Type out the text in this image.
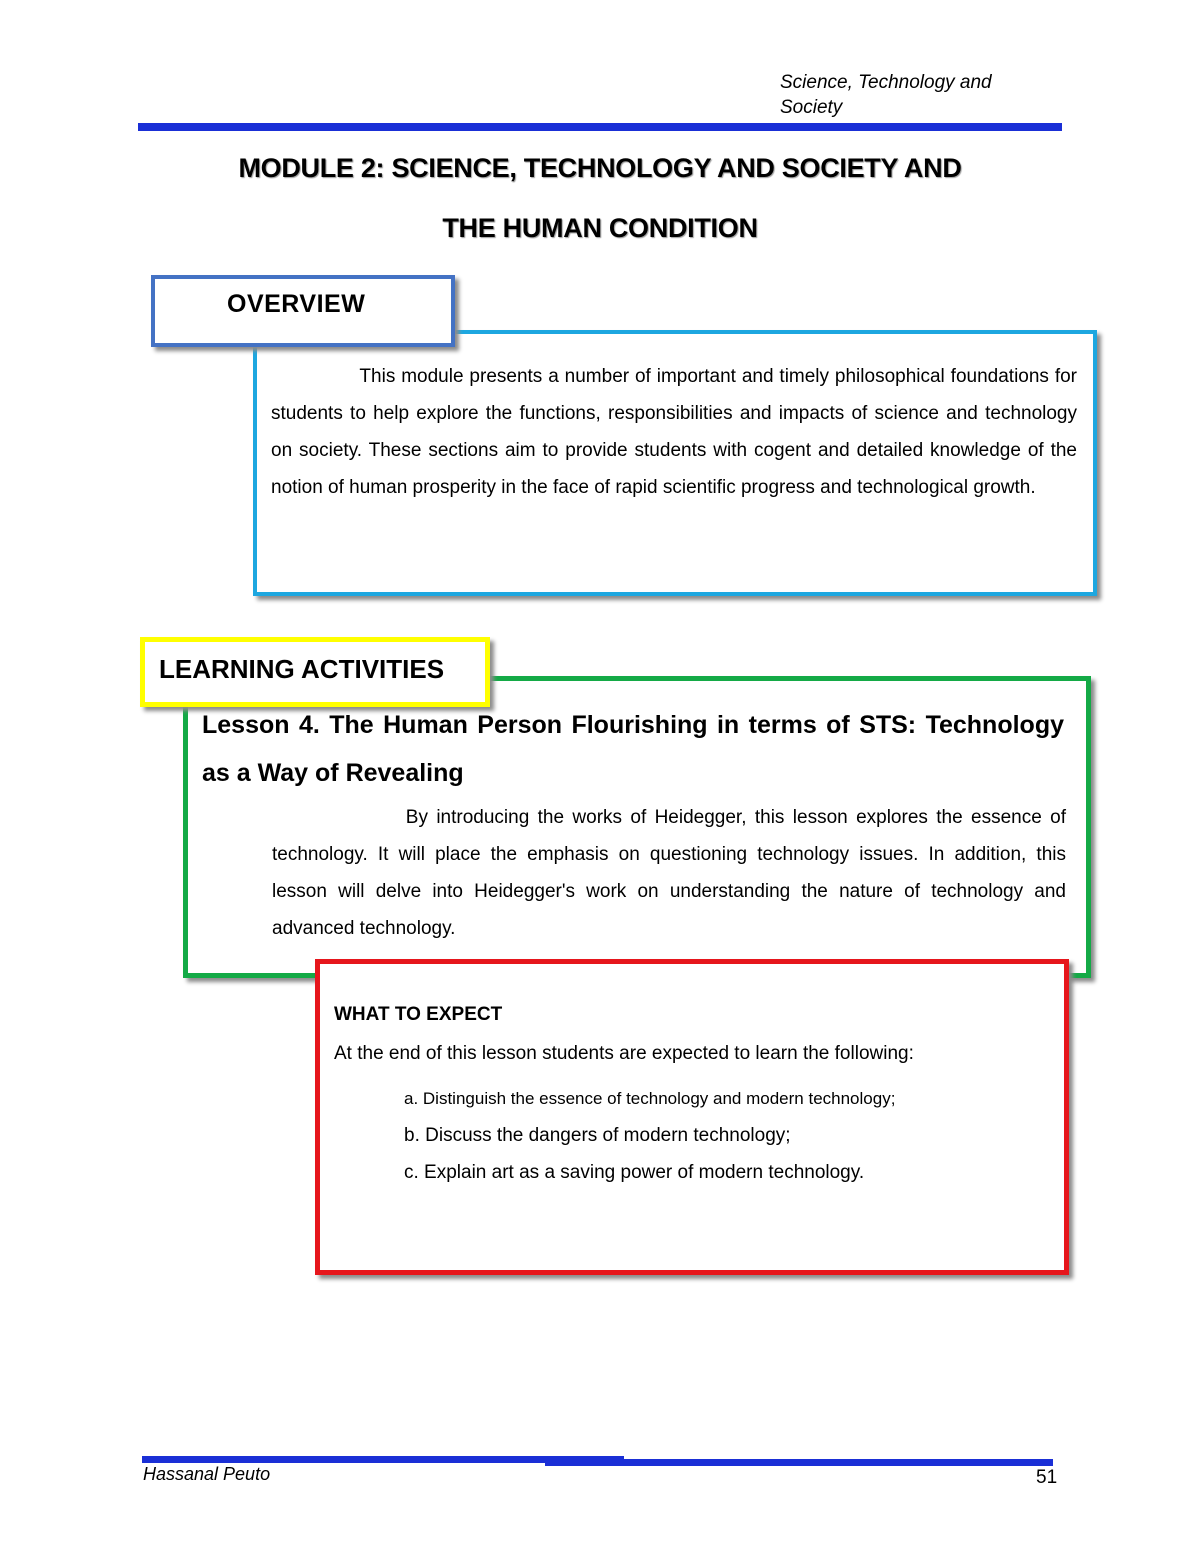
Science, Technology and
Society
MODULE 2: SCIENCE, TECHNOLOGY AND SOCIETY AND
THE HUMAN CONDITION
This module presents a number of important and timely philosophical foundations for students to help explore the functions, responsibilities and impacts of science and technology on society. These sections aim to provide students with cogent and detailed knowledge of the notion of human prosperity in the face of rapid scientific progress and technological growth.
OVERVIEW
Lesson 4. The Human Person Flourishing in terms of STS: Technology as a Way of Revealing
By introducing the works of Heidegger, this lesson explores the essence of technology. It will place the emphasis on questioning technology issues. In addition, this lesson will delve into Heidegger's work on understanding the nature of technology and advanced technology.
LEARNING ACTIVITIES
WHAT TO EXPECT
At the end of this lesson students are expected to learn the following:
a. Distinguish the essence of technology and modern technology;
b. Discuss the dangers of modern technology;
c. Explain art as a saving power of modern technology.
Hassanal Peuto	51
